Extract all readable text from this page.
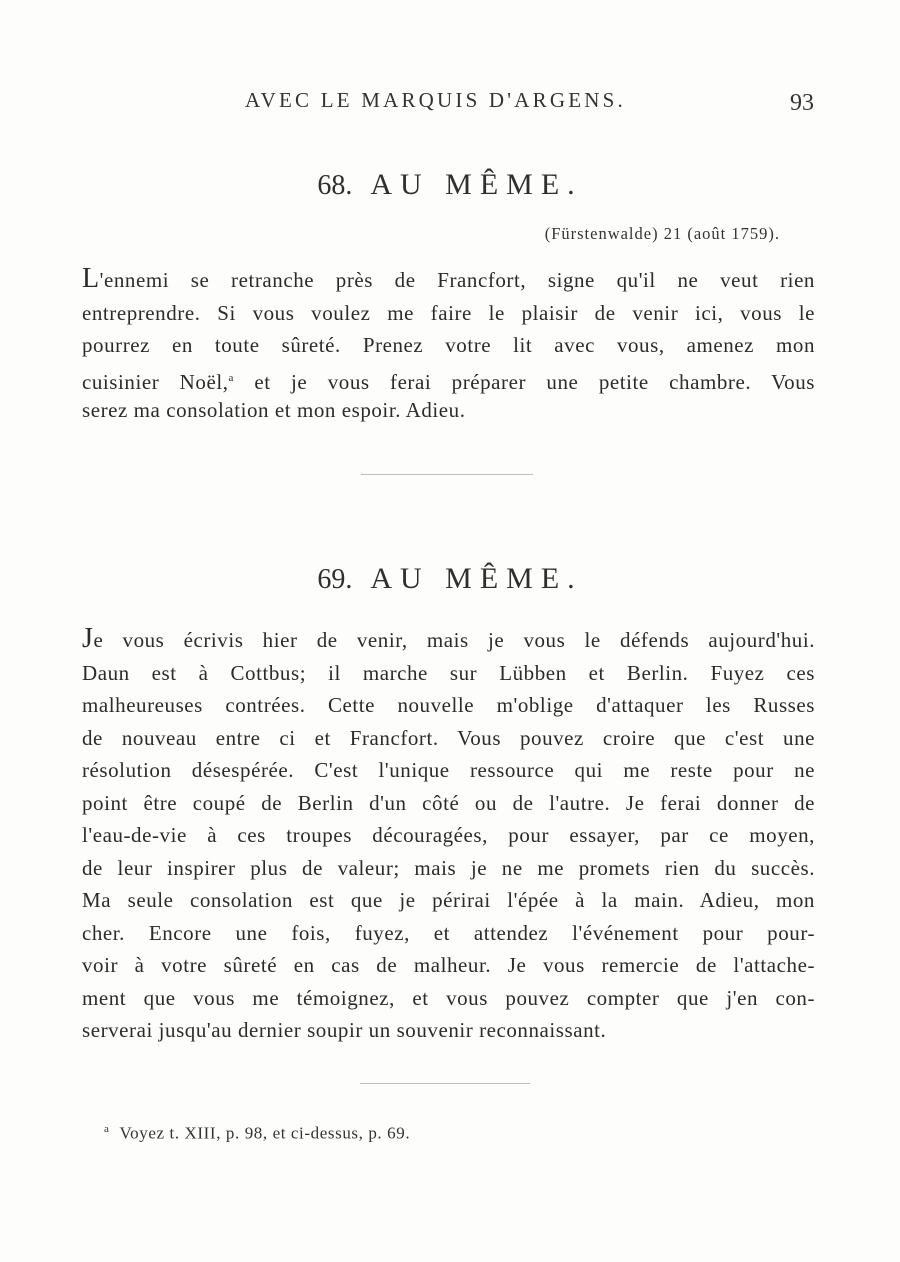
AVEC LE MARQUIS D'ARGENS.	93
68. AU MÊME.
(Fürstenwalde) 21 (août 1759).
L'ennemi se retranche près de Francfort, signe qu'il ne veut rien
entreprendre. Si vous voulez me faire le plaisir de venir ici, vous le
pourrez en toute sûreté. Prenez votre lit avec vous, amenez mon
cuisinier Noël,$^a$ et je vous ferai préparer une petite chambre. Vous
serez ma consolation et mon espoir. Adieu.
69. AU MÊME.
Je vous écrivis hier de venir, mais je vous le défends aujourd'hui.
Daun est à Cottbus; il marche sur Lübben et Berlin. Fuyez ces
malheureuses contrées. Cette nouvelle m'oblige d'attaquer les Russes
de nouveau entre ci et Francfort. Vous pouvez croire que c'est une
résolution désespérée. C'est l'unique ressource qui me reste pour ne
point être coupé de Berlin d'un côté ou de l'autre. Je ferai donner de
l'eau-de-vie à ces troupes découragées, pour essayer, par ce moyen,
de leur inspirer plus de valeur; mais je ne me promets rien du succès.
Ma seule consolation est que je périrai l'épée à la main. Adieu, mon
cher. Encore une fois, fuyez, et attendez l'événement pour pour-
voir à votre sûreté en cas de malheur. Je vous remercie de l'attache-
ment que vous me témoignez, et vous pouvez compter que j'en con-
serverai jusqu'au dernier soupir un souvenir reconnaissant.
$^a$ Voyez t. XIII, p. 98, et ci-dessus, p. 69.
